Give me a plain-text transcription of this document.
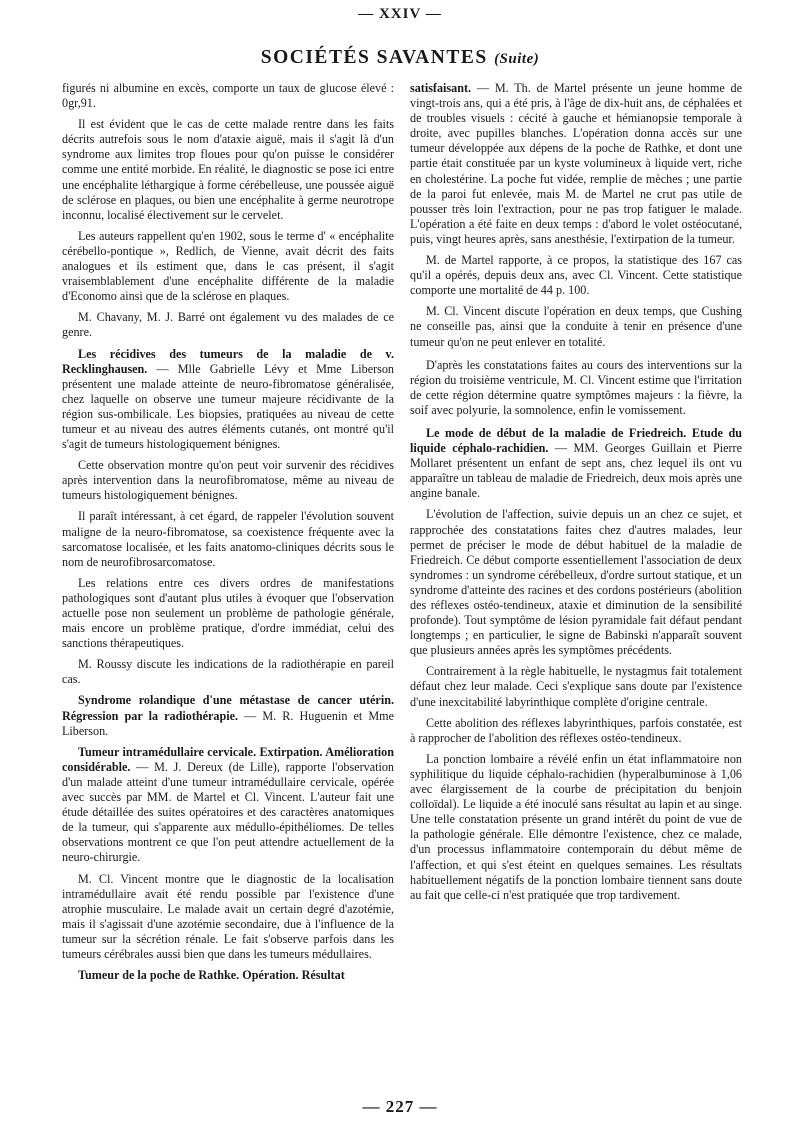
— XXIV —
SOCIÉTÉS SAVANTES (Suite)

figurés ni albumine en excès, comporte un taux de glucose élevé : 0gr,91.

Il est évident que le cas de cette malade rentre dans les faits décrits autrefois sous le nom d'ataxie aiguë, mais il s'agit là d'un syndrome aux limites trop floues pour qu'on puisse le considérer comme une entité morbide. En réalité, le diagnostic se pose ici entre une encéphalite léthargique à forme cérébelleuse, une poussée aiguë de sclérose en plaques, ou bien une encéphalite à germe neurotrope inconnu, localisé électivement sur le cervelet.

Les auteurs rappellent qu'en 1902, sous le terme d' « encéphalite cérébello-pontique », Redlich, de Vienne, avait décrit des faits analogues et ils estiment que, dans le cas présent, il s'agit vraisemblablement d'une encéphalite différente de la maladie d'Economo ainsi que de la sclérose en plaques.

M. Chavany, M. J. Barré ont également vu des malades de ce genre.

Les récidives des tumeurs de la maladie de v. Recklinghausen. — Mlle Gabrielle Lévy et Mme Liberson présentent une malade atteinte de neuro-fibromatose généralisée, chez laquelle on observe une tumeur majeure récidivante de la région sus-ombilicale. Les biopsies, pratiquées au niveau de cette tumeur et au niveau des autres éléments cutanés, ont montré qu'il s'agit de tumeurs histologiquement bénignes.

Cette observation montre qu'on peut voir survenir des récidives après intervention dans la neurofibromatose, même au niveau de tumeurs histologiquement bénignes.

Il paraît intéressant, à cet égard, de rappeler l'évolution souvent maligne de la neuro-fibromatose, sa coexistence fréquente avec la sarcomatose localisée, et les faits anatomo-cliniques décrits sous le nom de neurofibrosarcomatose.

Les relations entre ces divers ordres de manifestations pathologiques sont d'autant plus utiles à évoquer que l'observation actuelle pose non seulement un problème de pathologie générale, mais encore un problème pratique, d'ordre immédiat, celui des sanctions thérapeutiques.

M. Roussy discute les indications de la radiothérapie en pareil cas.

Syndrome rolandique d'une métastase de cancer utérin. Régression par la radiothérapie. — M. R. Huguenin et Mme Liberson.

Tumeur intramédullaire cervicale. Extirpation. Amélioration considérable. — M. J. Dereux (de Lille), rapporte l'observation d'un malade atteint d'une tumeur intramédullaire cervicale, opérée avec succès par MM. de Martel et Cl. Vincent. L'auteur fait une étude détaillée des suites opératoires et des caractères anatomiques de la tumeur, qui s'apparente aux médullo-épithéliomes. De telles observations montrent ce que l'on peut attendre actuellement de la neuro-chirurgie.

M. Cl. Vincent montre que le diagnostic de la localisation intramédullaire avait été rendu possible par l'existence d'une atrophie musculaire. Le malade avait un certain degré d'azotémie, mais il s'agissait d'une azotémie secondaire, due à l'influence de la tumeur sur la sécrétion rénale. Le fait s'observe parfois dans les tumeurs cérébrales aussi bien que dans les tumeurs médullaires.

Tumeur de la poche de Rathke. Opération. Résultat

satisfaisant. — M. Th. de Martel présente un jeune homme de vingt-trois ans, qui a été pris, à l'âge de dix-huit ans, de céphalées et de troubles visuels : cécité à gauche et hémianopsie temporale à droite, avec pupilles blanches. L'opération donna accès sur une tumeur développée aux dépens de la poche de Rathke, et dont une partie était constituée par un kyste volumineux à liquide vert, riche en cholestérine. La poche fut vidée, remplie de mèches ; une partie de la paroi fut enlevée, mais M. de Martel ne crut pas utile de pousser très loin l'extraction, pour ne pas trop fatiguer le malade. L'opération a été faite en deux temps : d'abord le volet ostéocutané, puis, vingt heures après, sans anesthésie, l'extirpation de la tumeur.

M. de Martel rapporte, à ce propos, la statistique des 167 cas qu'il a opérés, depuis deux ans, avec Cl. Vincent. Cette statistique comporte une mortalité de 44 p. 100.

M. Cl. Vincent discute l'opération en deux temps, que Cushing ne conseille pas, ainsi que la conduite à tenir en présence d'une tumeur qu'on ne peut enlever en totalité.

D'après les constatations faites au cours des interventions sur la région du troisième ventricule, M. Cl. Vincent estime que l'irritation de cette région détermine quatre symptômes majeurs : la fièvre, la soif avec polyurie, la somnolence, enfin le vomissement.

Le mode de début de la maladie de Friedreich. Etude du liquide céphalo-rachidien. — MM. Georges Guillain et Pierre Mollaret présentent un enfant de sept ans, chez lequel ils ont vu apparaître un tableau de maladie de Friedreich, deux mois après une angine banale.

L'évolution de l'affection, suivie depuis un an chez ce sujet, et rapprochée des constatations faites chez d'autres malades, leur permet de préciser le mode de début habituel de la maladie de Friedreich. Ce début comporte essentiellement l'association de deux syndromes : un syndrome cérébelleux, d'ordre surtout statique, et un syndrome d'atteinte des racines et des cordons postérieurs (abolition des réflexes ostéo-tendineux, ataxie et diminution de la sensibilité profonde). Tout symptôme de lésion pyramidale fait défaut pendant longtemps ; en particulier, le signe de Babinski n'apparaît souvent que plusieurs années après les symptômes précédents.

Contrairement à la règle habituelle, le nystagmus fait totalement défaut chez leur malade. Ceci s'explique sans doute par l'existence d'une inexcitabilité labyrinthique complète d'origine centrale.

Cette abolition des réflexes labyrinthiques, parfois constatée, est à rapprocher de l'abolition des réflexes ostéo-tendineux.

La ponction lombaire a révélé enfin un état inflammatoire non syphilitique du liquide céphalo-rachidien (hyperalbuminose à 1,06 avec élargissement de la courbe de précipitation du benjoin colloïdal). Le liquide a été inoculé sans résultat au lapin et au singe. Une telle constatation présente un grand intérêt du point de vue de la pathologie générale. Elle démontre l'existence, chez ce malade, d'un processus inflammatoire contemporain du début même de l'affection, et qui s'est éteint en quelques semaines. Les résultats habituellement négatifs de la ponction lombaire tiennent sans doute au fait que celle-ci n'est pratiquée que trop tardivement.

— 227 —
